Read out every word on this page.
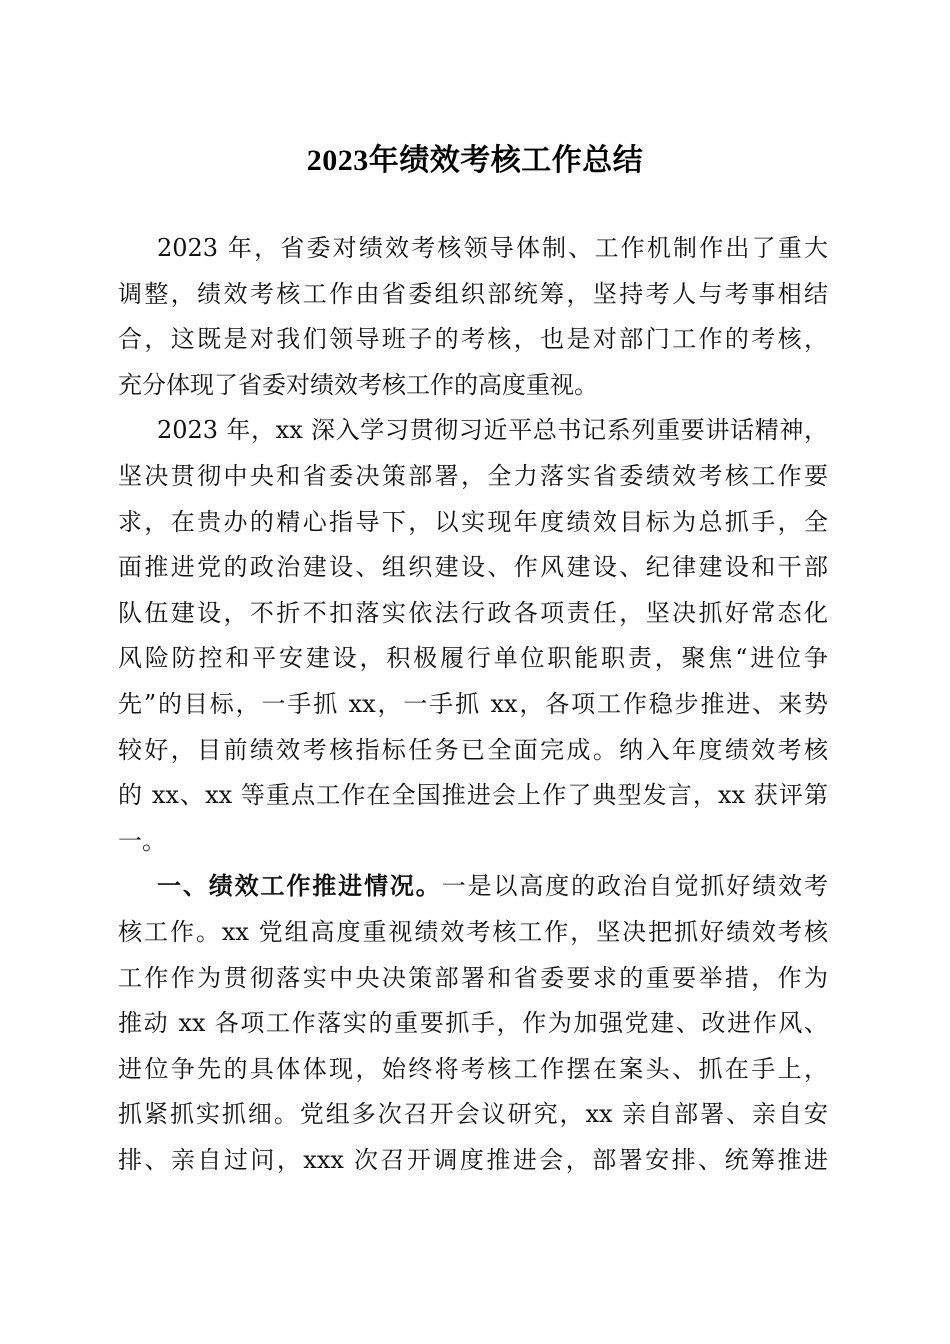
2023年绩效考核工作总结
2023 年，省委对绩效考核领导体制、工作机制作出了重大
调整，绩效考核工作由省委组织部统筹，坚持考人与考事相结
合，这既是对我们领导班子的考核，也是对部门工作的考核，
充分体现了省委对绩效考核工作的高度重视。
2023 年，xx 深入学习贯彻习近平总书记系列重要讲话精神，
坚决贯彻中央和省委决策部署，全力落实省委绩效考核工作要
求，在贵办的精心指导下，以实现年度绩效目标为总抓手，全
面推进党的政治建设、组织建设、作风建设、纪律建设和干部
队伍建设，不折不扣落实依法行政各项责任，坚决抓好常态化
风险防控和平安建设，积极履行单位职能职责，聚焦“进位争
先”的目标，一手抓 xx，一手抓 xx，各项工作稳步推进、来势
较好，目前绩效考核指标任务已全面完成。纳入年度绩效考核
的 xx、xx 等重点工作在全国推进会上作了典型发言，xx 获评第
一。
一、绩效工作推进情况。一是以高度的政治自觉抓好绩效考
核工作。xx 党组高度重视绩效考核工作，坚决把抓好绩效考核
工作作为贯彻落实中央决策部署和省委要求的重要举措，作为
推动 xx 各项工作落实的重要抓手，作为加强党建、改进作风、
进位争先的具体体现，始终将考核工作摆在案头、抓在手上，
抓紧抓实抓细。党组多次召开会议研究，xx 亲自部署、亲自安
排、亲自过问，xxx 次召开调度推进会，部署安排、统筹推进
